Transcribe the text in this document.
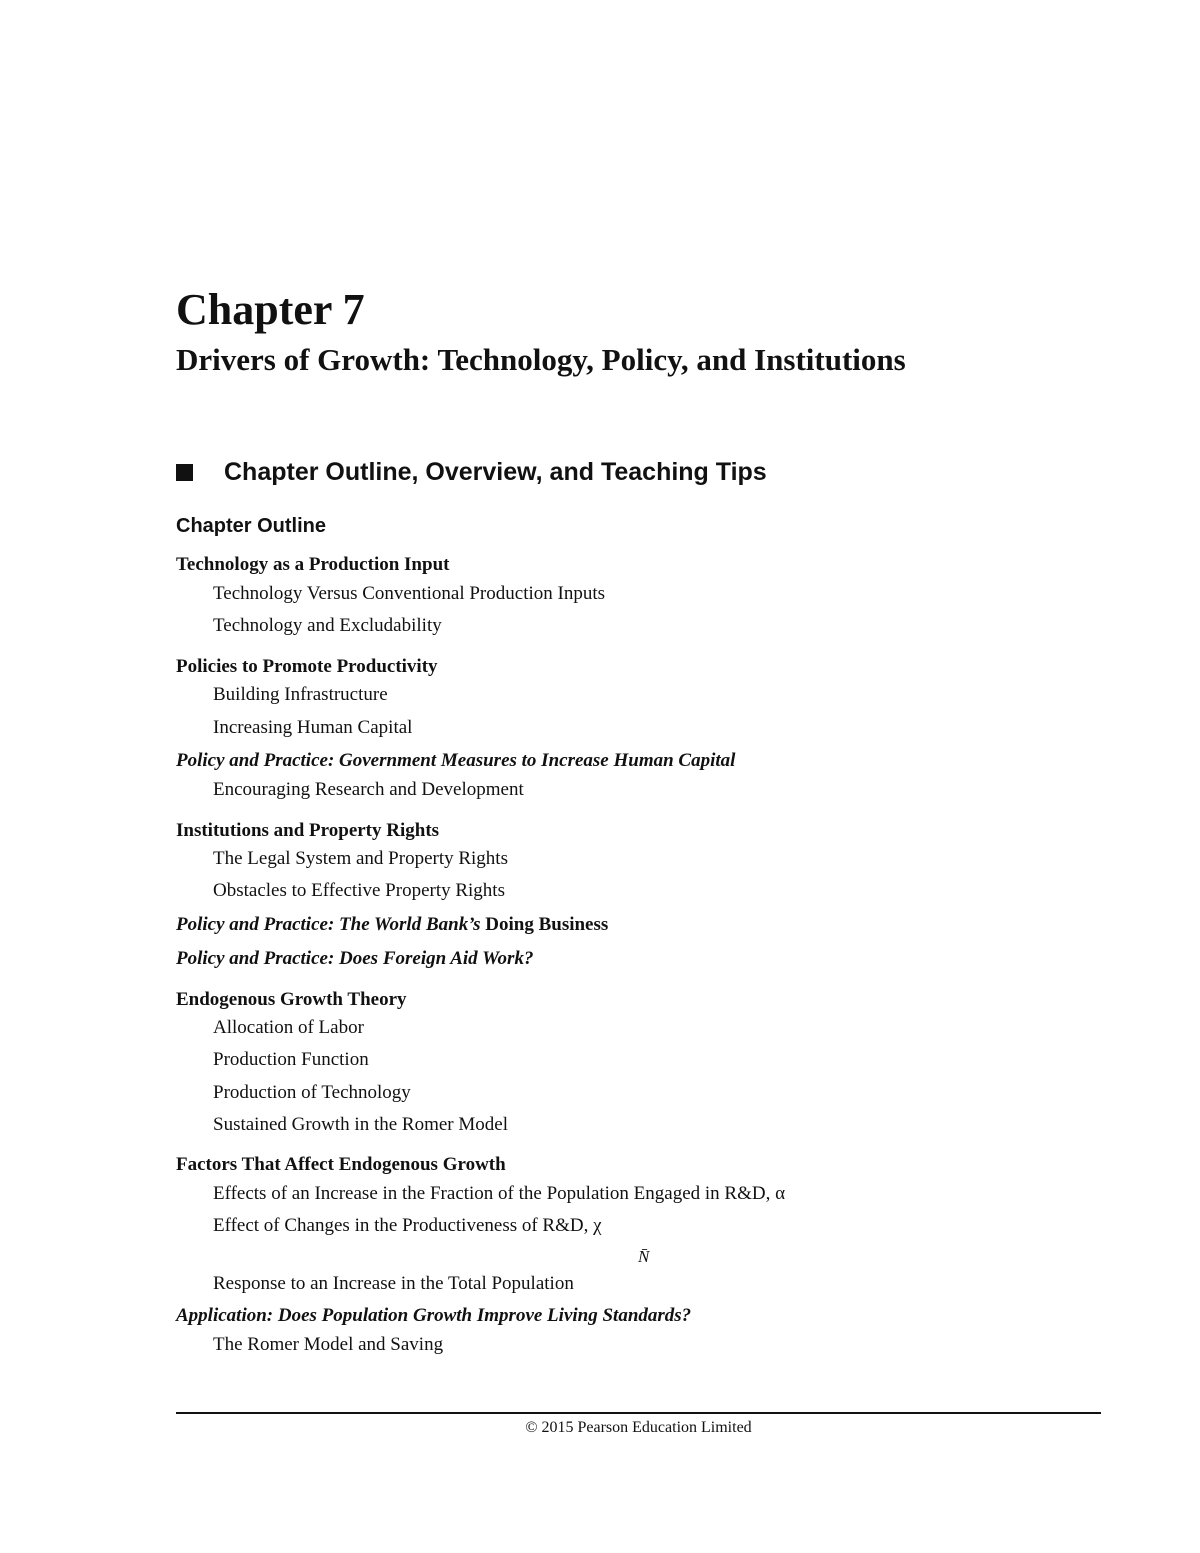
Chapter 7
Drivers of Growth: Technology, Policy, and Institutions
Chapter Outline, Overview, and Teaching Tips
Chapter Outline
Technology as a Production Input
Technology Versus Conventional Production Inputs
Technology and Excludability
Policies to Promote Productivity
Building Infrastructure
Increasing Human Capital
Policy and Practice: Government Measures to Increase Human Capital
Encouraging Research and Development
Institutions and Property Rights
The Legal System and Property Rights
Obstacles to Effective Property Rights
Policy and Practice: The World Bank’s Doing Business
Policy and Practice: Does Foreign Aid Work?
Endogenous Growth Theory
Allocation of Labor
Production Function
Production of Technology
Sustained Growth in the Romer Model
Factors That Affect Endogenous Growth
Effects of an Increase in the Fraction of the Population Engaged in R&D, α
Effect of Changes in the Productiveness of R&D, χ
Response to an Increase in the Total Population
Application: Does Population Growth Improve Living Standards?
The Romer Model and Saving
N̄
© 2015 Pearson Education Limited
